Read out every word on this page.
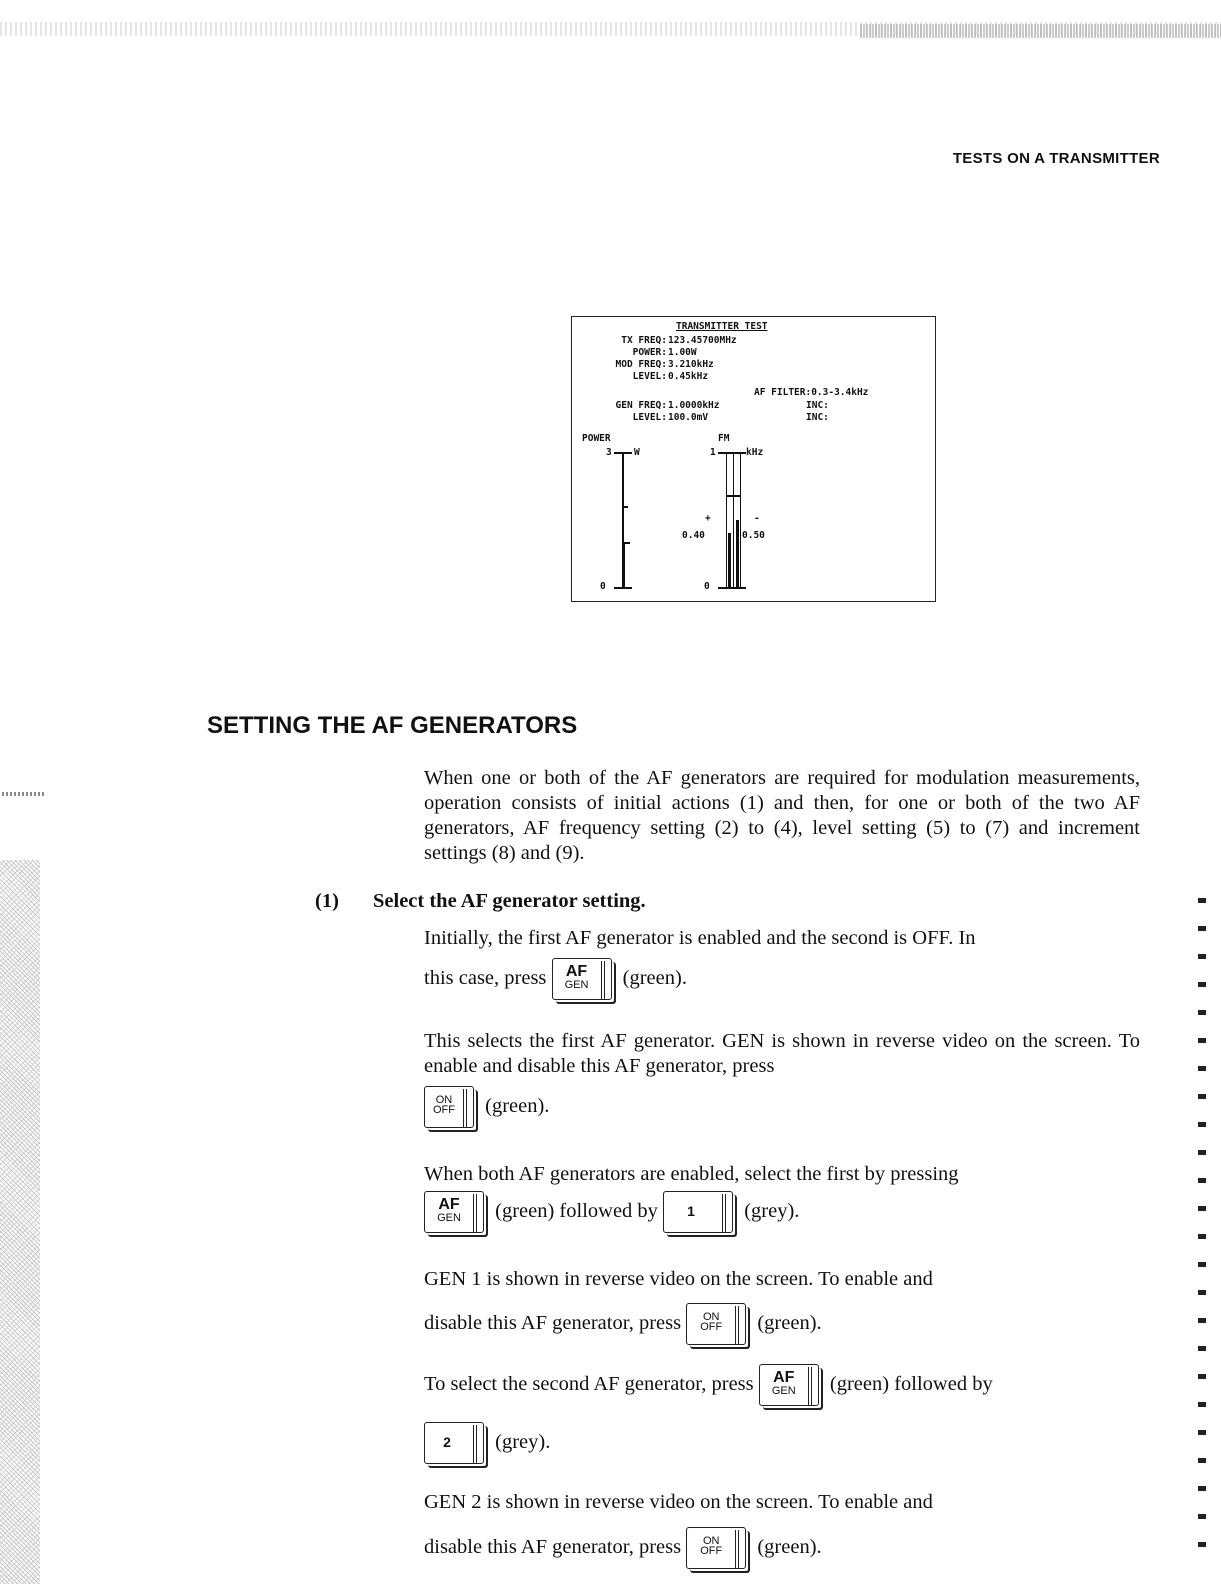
TESTS ON A TRANSMITTER
TRANSMITTER TEST
TX FREQ: 123.45700MHz
POWER: 1.00W
MOD FREQ: 3.210kHz
LEVEL: 0.45kHz
AF FILTER:0.3-3.4kHz
GEN FREQ: 1.0000kHz	INC:
LEVEL: 100.0mV	INC:
POWER
3 W
0
FM
1	kHz
0
+	-
0.40	0.50
SETTING THE AF GENERATORS
When one or both of the AF generators are required for modulation measurements, operation consists of initial actions (1) and then, for one or both of the two AF generators, AF frequency setting (2) to (4), level setting (5) to (7) and increment settings (8) and (9).
(1) Select the AF generator setting.
Initially, the first AF generator is enabled and the second is OFF. In
this case, press	AF
GEN	(green).
This selects the first AF generator. GEN is shown in reverse video on the screen. To enable and disable this AF generator, press
ON
OFF	(green).
When both AF generators are enabled, select the first by pressing
AF
GEN	(green) followed by	1	(grey).
GEN 1 is shown in reverse video on the screen. To enable and
disable this AF generator, press	ON
OFF	(green).
To select the second AF generator, press	AF
GEN	(green) followed by
2	(grey).
GEN 2 is shown in reverse video on the screen. To enable and
disable this AF generator, press	ON
OFF	(green).
